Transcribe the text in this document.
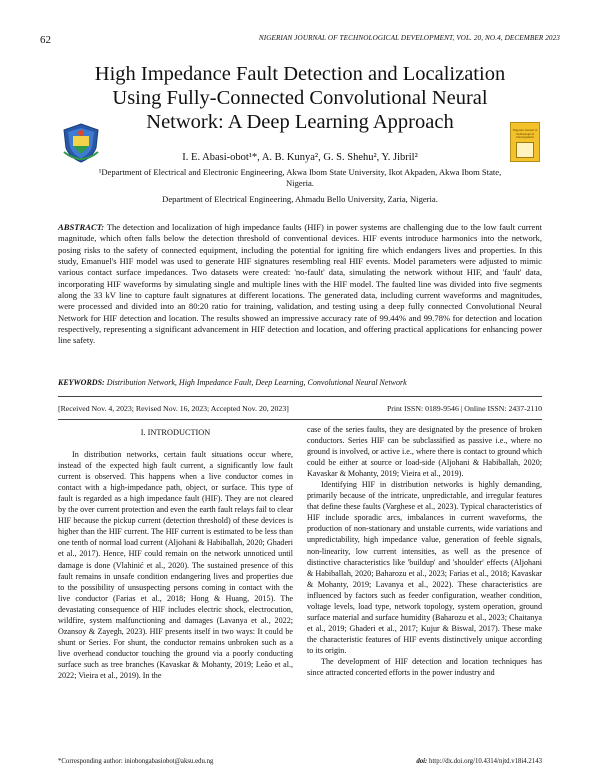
62	NIGERIAN JOURNAL OF TECHNOLOGICAL DEVELOPMENT, VOL. 20, NO.4, DECEMBER 2023
High Impedance Fault Detection and Localization
Using Fully-Connected Convolutional Neural
Network: A Deep Learning Approach	Nigerian Journal of Technological Development
I. E. Abasi-obot¹*, A. B. Kunya², G. S. Shehu², Y. Jibril²
¹Department of Electrical and Electronic Engineering, Akwa Ibom State University, Ikot Akpaden, Akwa Ibom State, Nigeria.
Department of Electrical Engineering, Ahmadu Bello University, Zaria, Nigeria.
ABSTRACT: The detection and localization of high impedance faults (HIF) in power systems are challenging due to the low fault current magnitude, which often falls below the detection threshold of conventional devices. HIF events introduce harmonics into the network, posing risks to the safety of connected equipment, including the potential for igniting fire which endangers lives and properties. In this study, Emanuel's HIF model was used to generate HIF signatures resembling real HIF events. Model parameters were adjusted to mimic various contact surface impedances. Two datasets were created: 'no-fault' data, simulating the network without HIF, and 'fault' data, incorporating HIF waveforms by simulating single and multiple lines with the HIF model. The faulted line was divided into five segments along the 33 kV line to capture fault signatures at different locations. The generated data, including current waveforms and magnitudes, were processed and divided into an 80:20 ratio for training, validation, and testing using a deep fully connected Convolutional Neural Network for HIF detection and location. The results showed an impressive accuracy rate of 99.44% and 99.78% for detection and location respectively, representing a significant advancement in HIF detection and location, and offering practical applications for enhancing power line safety.
KEYWORDS: Distribution Network, High Impedance Fault, Deep Learning, Convolutional Neural Network
[Received Nov. 4, 2023; Revised Nov. 16, 2023; Accepted Nov. 20, 2023]	Print ISSN: 0189-9546 | Online ISSN: 2437-2110
I. INTRODUCTION

In distribution networks, certain fault situations occur where, instead of the expected high fault current, a significantly low fault current is observed. This happens when a live conductor comes in contact with a high-impedance path, object, or surface. This type of fault is regarded as a high impedance fault (HIF). They are not cleared by the over current protection and even the earth fault relays fail to clear HIF because the pickup current (detection threshold) of these devices is higher than the HIF current. The HIF current is estimated to be less than one tenth of normal load current (Aljohani & Habiballah, 2020; Ghaderi et al., 2017). Hence, HIF could remain on the network unnoticed until damage is done (Vlahinić et al., 2020). The sustained presence of this fault remains in unsafe condition endangering lives and properties due to the possibility of unsuspecting persons coming in contact with the live conductor (Farias et al., 2018; Hong & Huang, 2015). The devastating consequence of HIF includes electric shock, electrocution, wildfire, system malfunctioning and damages (Lavanya et al., 2022; Ozansoy & Zayegh, 2023). HIF presents itself in two ways: It could be shunt or Series. For shunt, the conductor remains unbroken such as a live overhead conductor touching the ground via a poorly conducting surface such as tree branches (Kavaskar & Mohanty, 2019; Leão et al., 2022; Vieira et al., 2019). In the

case of the series faults, they are designated by the presence of broken conductors. Series HIF can be subclassified as passive i.e., where no ground is involved, or active i.e., where there is contact to ground which could be either at source or load-side (Aljohani & Habiballah, 2020; Kavaskar & Mohanty, 2019; Vieira et al., 2019).

Identifying HIF in distribution networks is highly demanding, primarily because of the intricate, unpredictable, and irregular features that define these faults (Varghese et al., 2023). Typical characteristics of HIF include sporadic arcs, imbalances in current waveforms, the production of non-stationary and unstable currents, wide variations and unpredictability, high impedance value, generation of feeble signals, non-linearity, low current intensities, as well as the presence of distinctive characteristics like 'buildup' and 'shoulder' effects (Aljohani & Habiballah, 2020; Baharozu et al., 2023; Farias et al., 2018; Kavaskar & Mohanty, 2019; Lavanya et al., 2022). These characteristics are influenced by factors such as feeder configuration, weather condition, voltage levels, load type, network topology, system operation, ground surface material and surface humidity (Baharozu et al., 2023; Chaitanya et al., 2019; Ghaderi et al., 2017; Kujur & Biswal, 2017). These make the characteristic features of HIF events distinctively unique according to its origin.

The development of HIF detection and location techniques has since attracted concerted efforts in the power industry and

*Corresponding author: iniobongabasiobot@aksu.edu.ng	doi: http://dx.doi.org/10.4314/njtd.v18i4.2143
